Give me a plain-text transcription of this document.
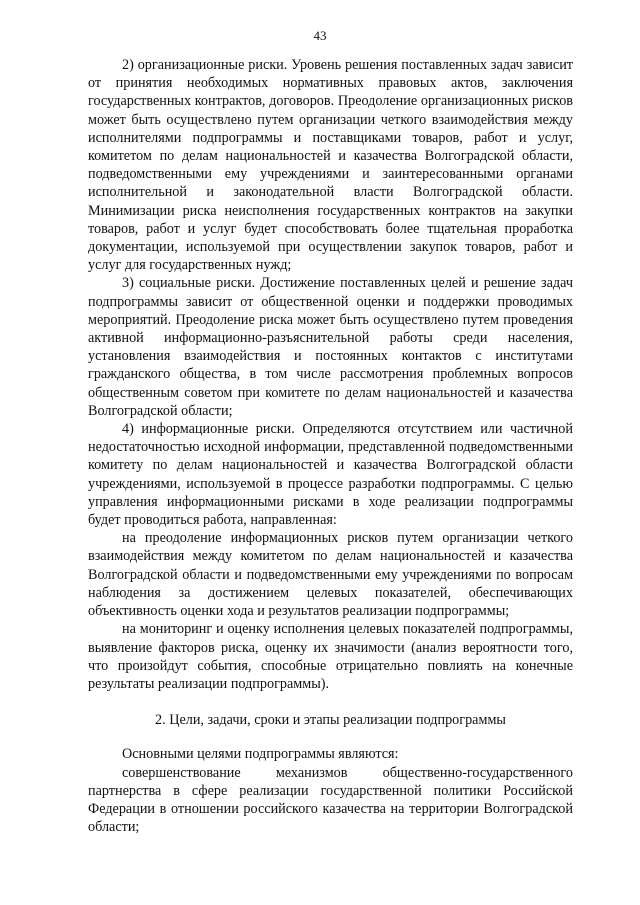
43

2) организационные риски. Уровень решения поставленных задач зависит от принятия необходимых нормативных правовых актов, заключения государственных контрактов, договоров. Преодоление организационных рисков может быть осуществлено путем организации четкого взаимодействия между исполнителями подпрограммы и поставщиками товаров, работ и услуг, комитетом по делам национальностей и казачества Волгоградской области, подведомственными ему учреждениями и заинтересованными органами исполнительной и законодательной власти Волгоградской области. Минимизации риска неисполнения государственных контрактов на закупки товаров, работ и услуг будет способствовать более тщательная проработка документации, используемой при осуществлении закупок товаров, работ и услуг для государственных нужд;

3) социальные риски. Достижение поставленных целей и решение задач подпрограммы зависит от общественной оценки и поддержки проводимых мероприятий. Преодоление риска может быть осуществлено путем проведения активной информационно-разъяснительной работы среди населения, установления взаимодействия и постоянных контактов с институтами гражданского общества, в том числе рассмотрения проблемных вопросов общественным советом при комитете по делам национальностей и казачества Волгоградской области;

4) информационные риски. Определяются отсутствием или частичной недостаточностью исходной информации, представленной подведомственными комитету по делам национальностей и казачества Волгоградской области учреждениями, используемой в процессе разработки подпрограммы. С целью управления информационными рисками в ходе реализации подпрограммы будет проводиться работа, направленная:

на преодоление информационных рисков путем организации четкого взаимодействия между комитетом по делам национальностей и казачества Волгоградской области и подведомственными ему учреждениями по вопросам наблюдения за достижением целевых показателей, обеспечивающих объективность оценки хода и результатов реализации подпрограммы;

на мониторинг и оценку исполнения целевых показателей подпрограммы, выявление факторов риска, оценку их значимости (анализ вероятности того, что произойдут события, способные отрицательно повлиять на конечные результаты реализации подпрограммы).

2. Цели, задачи, сроки и этапы реализации подпрограммы

Основными целями подпрограммы являются:

совершенствование механизмов общественно-государственного партнерства в сфере реализации государственной политики Российской Федерации в отношении российского казачества на территории Волгоградской области;
